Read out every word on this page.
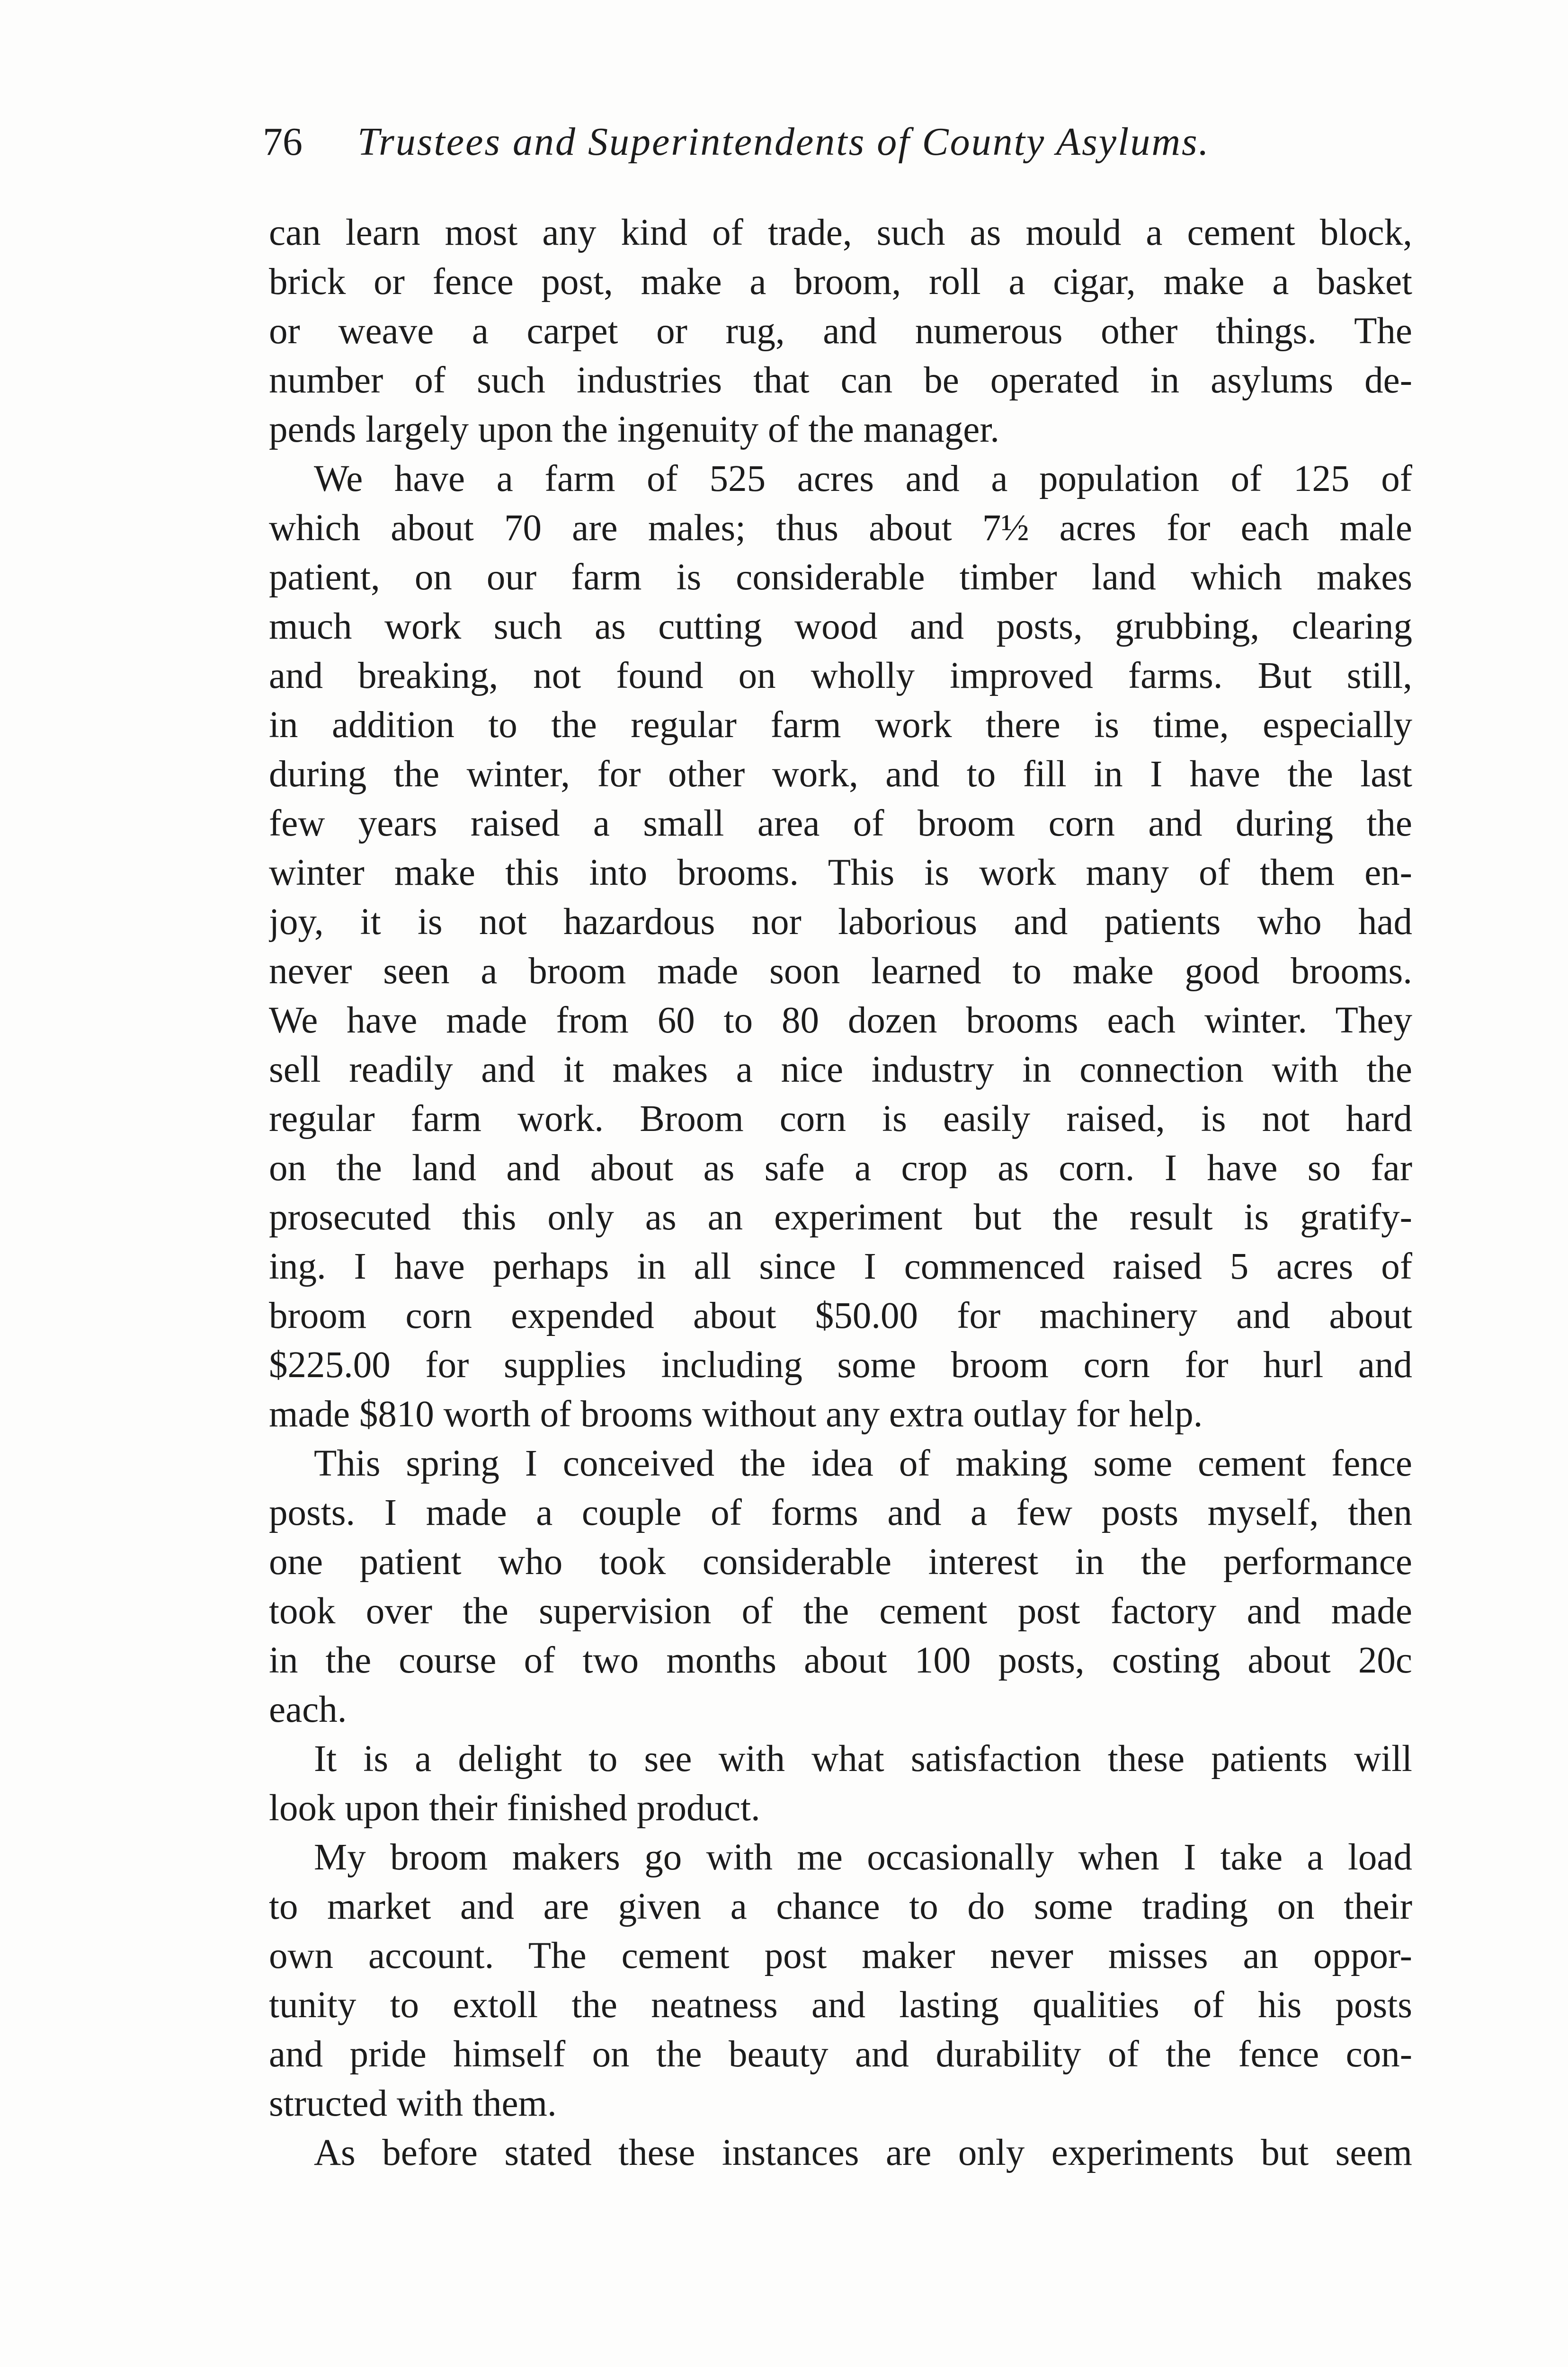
76 Trustees and Superintendents of County Asylums.
can learn most any kind of trade, such as mould a cement block,
brick or fence post, make a broom, roll a cigar, make a basket
or weave a carpet or rug, and numerous other things. The
number of such industries that can be operated in asylums de-
pends largely upon the ingenuity of the manager.
We have a farm of 525 acres and a population of 125 of
which about 70 are males; thus about 7½ acres for each male
patient, on our farm is considerable timber land which makes
much work such as cutting wood and posts, grubbing, clearing
and breaking, not found on wholly improved farms. But still,
in addition to the regular farm work there is time, especially
during the winter, for other work, and to fill in I have the last
few years raised a small area of broom corn and during the
winter make this into brooms. This is work many of them en-
joy, it is not hazardous nor laborious and patients who had
never seen a broom made soon learned to make good brooms.
We have made from 60 to 80 dozen brooms each winter. They
sell readily and it makes a nice industry in connection with the
regular farm work. Broom corn is easily raised, is not hard
on the land and about as safe a crop as corn. I have so far
prosecuted this only as an experiment but the result is gratify-
ing. I have perhaps in all since I commenced raised 5 acres of
broom corn expended about $50.00 for machinery and about
$225.00 for supplies including some broom corn for hurl and
made $810 worth of brooms without any extra outlay for help.
This spring I conceived the idea of making some cement fence
posts. I made a couple of forms and a few posts myself, then
one patient who took considerable interest in the performance
took over the supervision of the cement post factory and made
in the course of two months about 100 posts, costing about 20c
each.
It is a delight to see with what satisfaction these patients will
look upon their finished product.
My broom makers go with me occasionally when I take a load
to market and are given a chance to do some trading on their
own account. The cement post maker never misses an oppor-
tunity to extoll the neatness and lasting qualities of his posts
and pride himself on the beauty and durability of the fence con-
structed with them.
As before stated these instances are only experiments but seem
